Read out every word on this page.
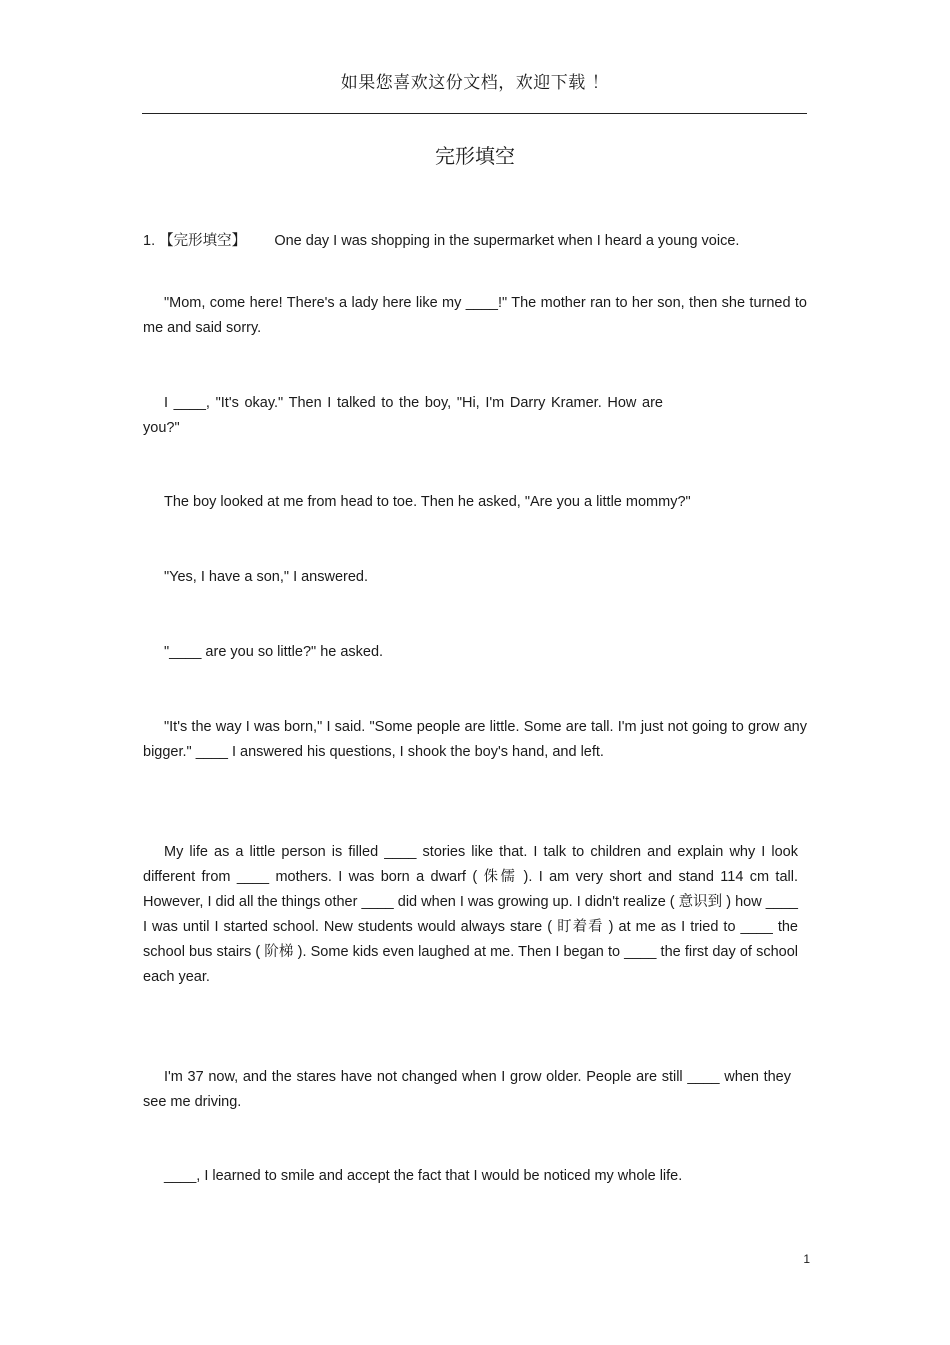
如果您喜欢这份文档，欢迎下载 ！
完形填空
1. 【完形填空】 One day I was shopping in the supermarket when I heard a young voice.
"Mom, come here! There's a lady here like my ____!" The mother ran to her son, then she turned to me and said sorry.
I ____, "It's okay." Then I talked to the boy, "Hi, I'm Darry Kramer. How are you?"
The boy looked at me from head to toe. Then he asked, "Are you a little mommy?"
"Yes, I have a son," I answered.
"____ are you so little?" he asked.
"It's the way I was born," I said. "Some people are little. Some are tall. I'm just not going to grow any bigger." ____ I answered his questions, I shook the boy's hand, and left.
My life as a little person is filled ____ stories like that. I talk to children and explain why I look different from ____ mothers. I was born a dwarf ( 侏儒 ). I am very short and stand 114 cm tall. However, I did all the things other ____ did when I was growing up. I didn't realize ( 意识到 ) how ____ I was until I started school. New students would always stare ( 盯着看 ) at me as I tried to ____ the school bus stairs ( 阶梯 ). Some kids even laughed at me. Then I began to ____ the first day of school each year.
I'm 37 now, and the stares have not changed when I grow older. People are still ____ when they see me driving.
____, I learned to smile and accept the fact that I would be noticed my whole life.
1
